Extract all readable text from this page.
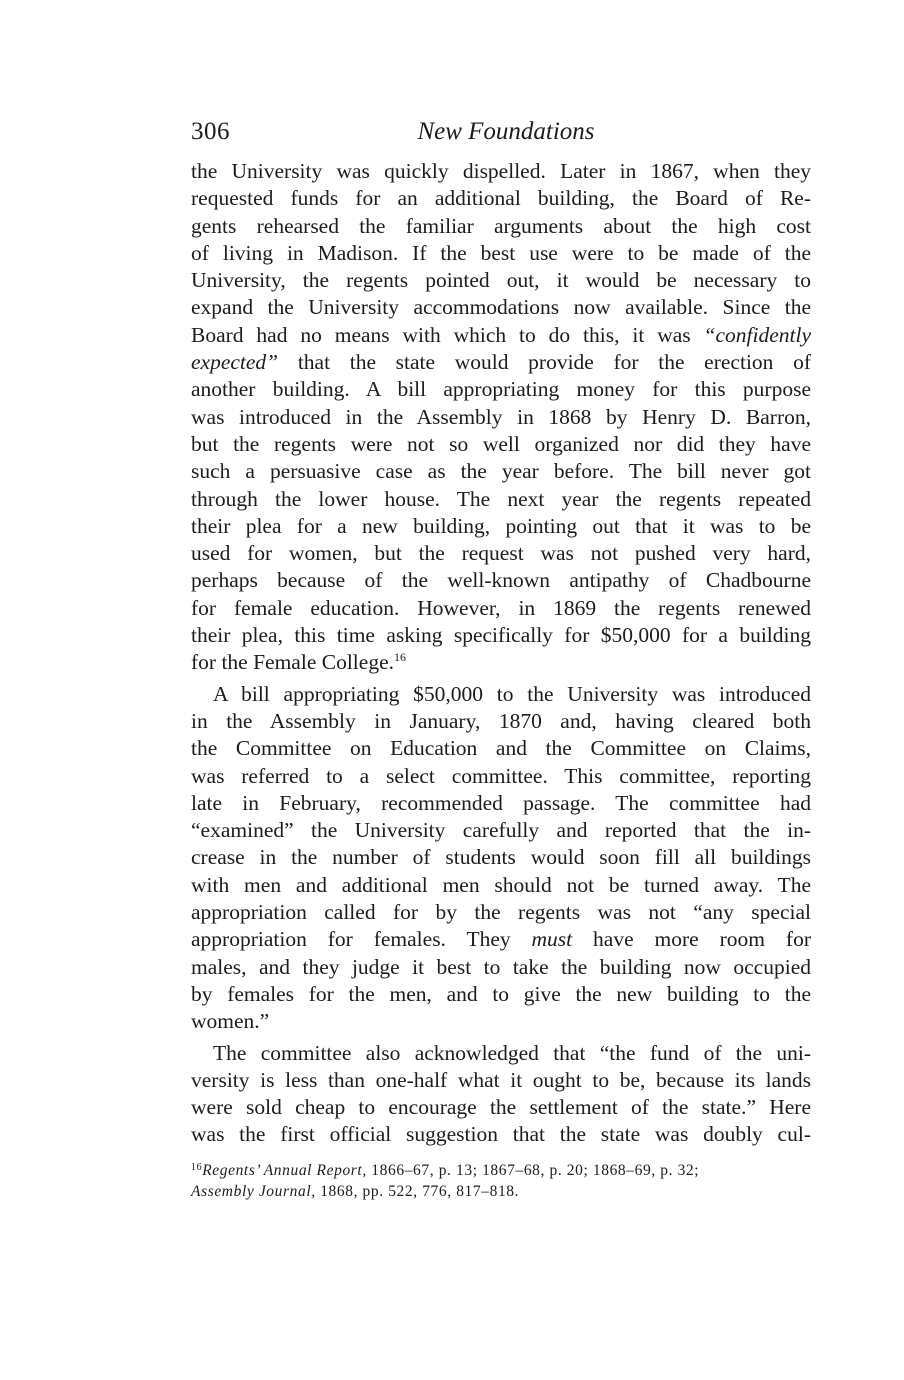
306	New Foundations
the University was quickly dispelled. Later in 1867, when they
requested funds for an additional building, the Board of Re-
gents rehearsed the familiar arguments about the high cost
of living in Madison. If the best use were to be made of the
University, the regents pointed out, it would be necessary to
expand the University accommodations now available. Since the
Board had no means with which to do this, it was “confidently
expected” that the state would provide for the erection of
another building. A bill appropriating money for this purpose
was introduced in the Assembly in 1868 by Henry D. Barron,
but the regents were not so well organized nor did they have
such a persuasive case as the year before. The bill never got
through the lower house. The next year the regents repeated
their plea for a new building, pointing out that it was to be
used for women, but the request was not pushed very hard,
perhaps because of the well-known antipathy of Chadbourne
for female education. However, in 1869 the regents renewed
their plea, this time asking specifically for $50,000 for a building
for the Female College.$^{16}$
A bill appropriating $50,000 to the University was introduced
in the Assembly in January, 1870 and, having cleared both
the Committee on Education and the Committee on Claims,
was referred to a select committee. This committee, reporting
late in February, recommended passage. The committee had
“examined” the University carefully and reported that the in-
crease in the number of students would soon fill all buildings
with men and additional men should not be turned away. The
appropriation called for by the regents was not “any special
appropriation for females. They must have more room for
males, and they judge it best to take the building now occupied
by females for the men, and to give the new building to the
women.”
The committee also acknowledged that “the fund of the uni-
versity is less than one-half what it ought to be, because its lands
were sold cheap to encourage the settlement of the state.” Here
was the first official suggestion that the state was doubly cul-
$^{16}$Regents’ Annual Report, 1866–67, p. 13; 1867–68, p. 20; 1868–69, p. 32;
Assembly Journal, 1868, pp. 522, 776, 817–818.
